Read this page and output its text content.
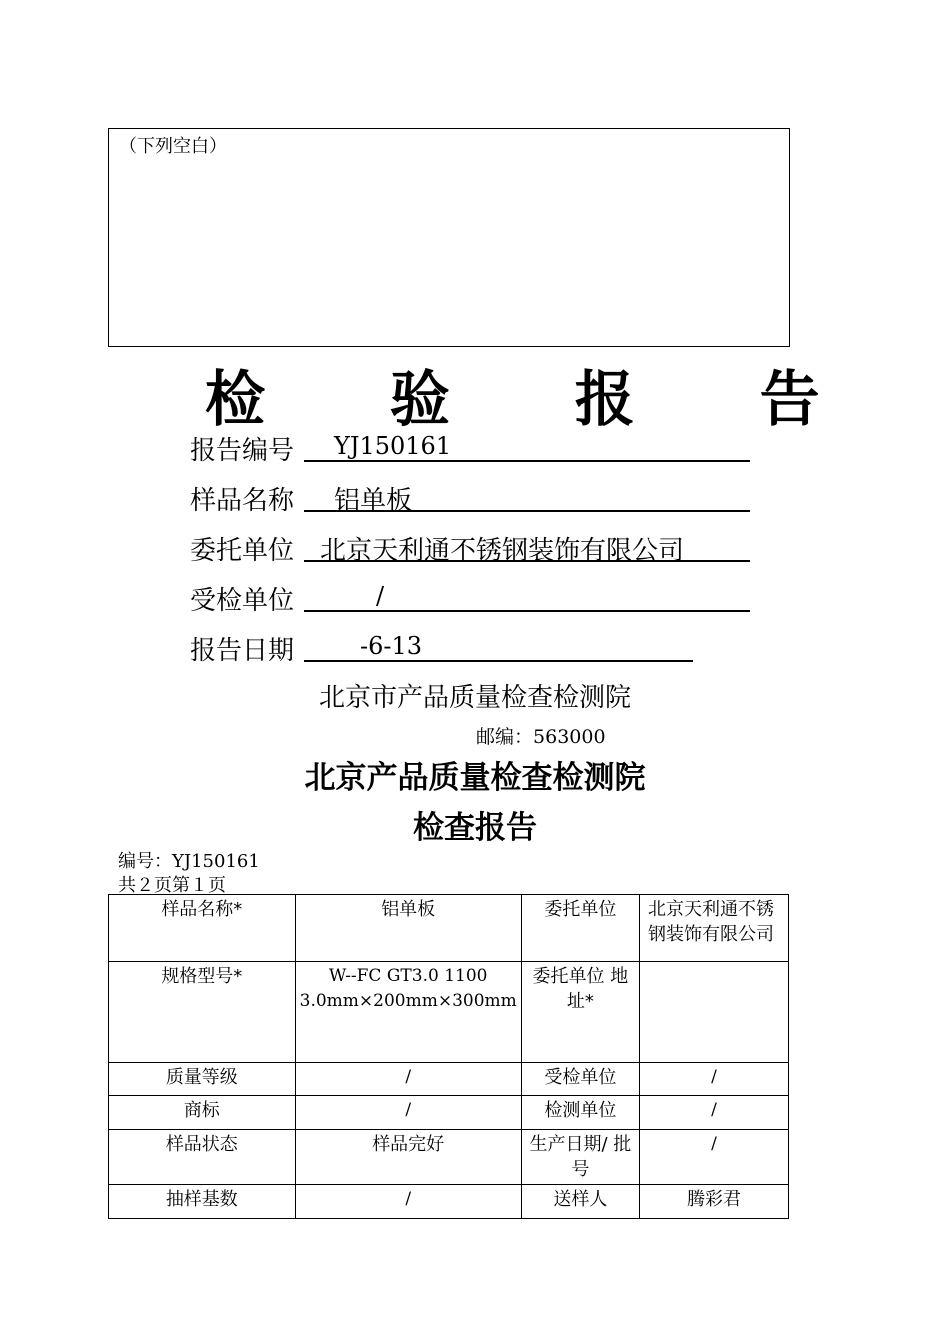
（下列空白）
检 验 报 告
报告编号	YJ150161
样品名称	铝单板
委托单位 北京天利通不锈钢装饰有限公司
受检单位	/
报告日期	-6-13
北京市产品质量检查检测院
邮编：563000
北京产品质量检查检测院
检查报告
编号：YJ150161
共２页第１页
样品名称*	铝单板	委托单位	北京天利通不锈钢装饰有限公司
规格型号*	W--FC GT3.0 1100 3.0mm×200mm×300mm	委托单位 地　　址*	
质量等级	/	受检单位	/
商标	/	检测单位	/
样品状态	样品完好	生产日期/ 批　　号	/
抽样基数	/	送样人	腾彩君
